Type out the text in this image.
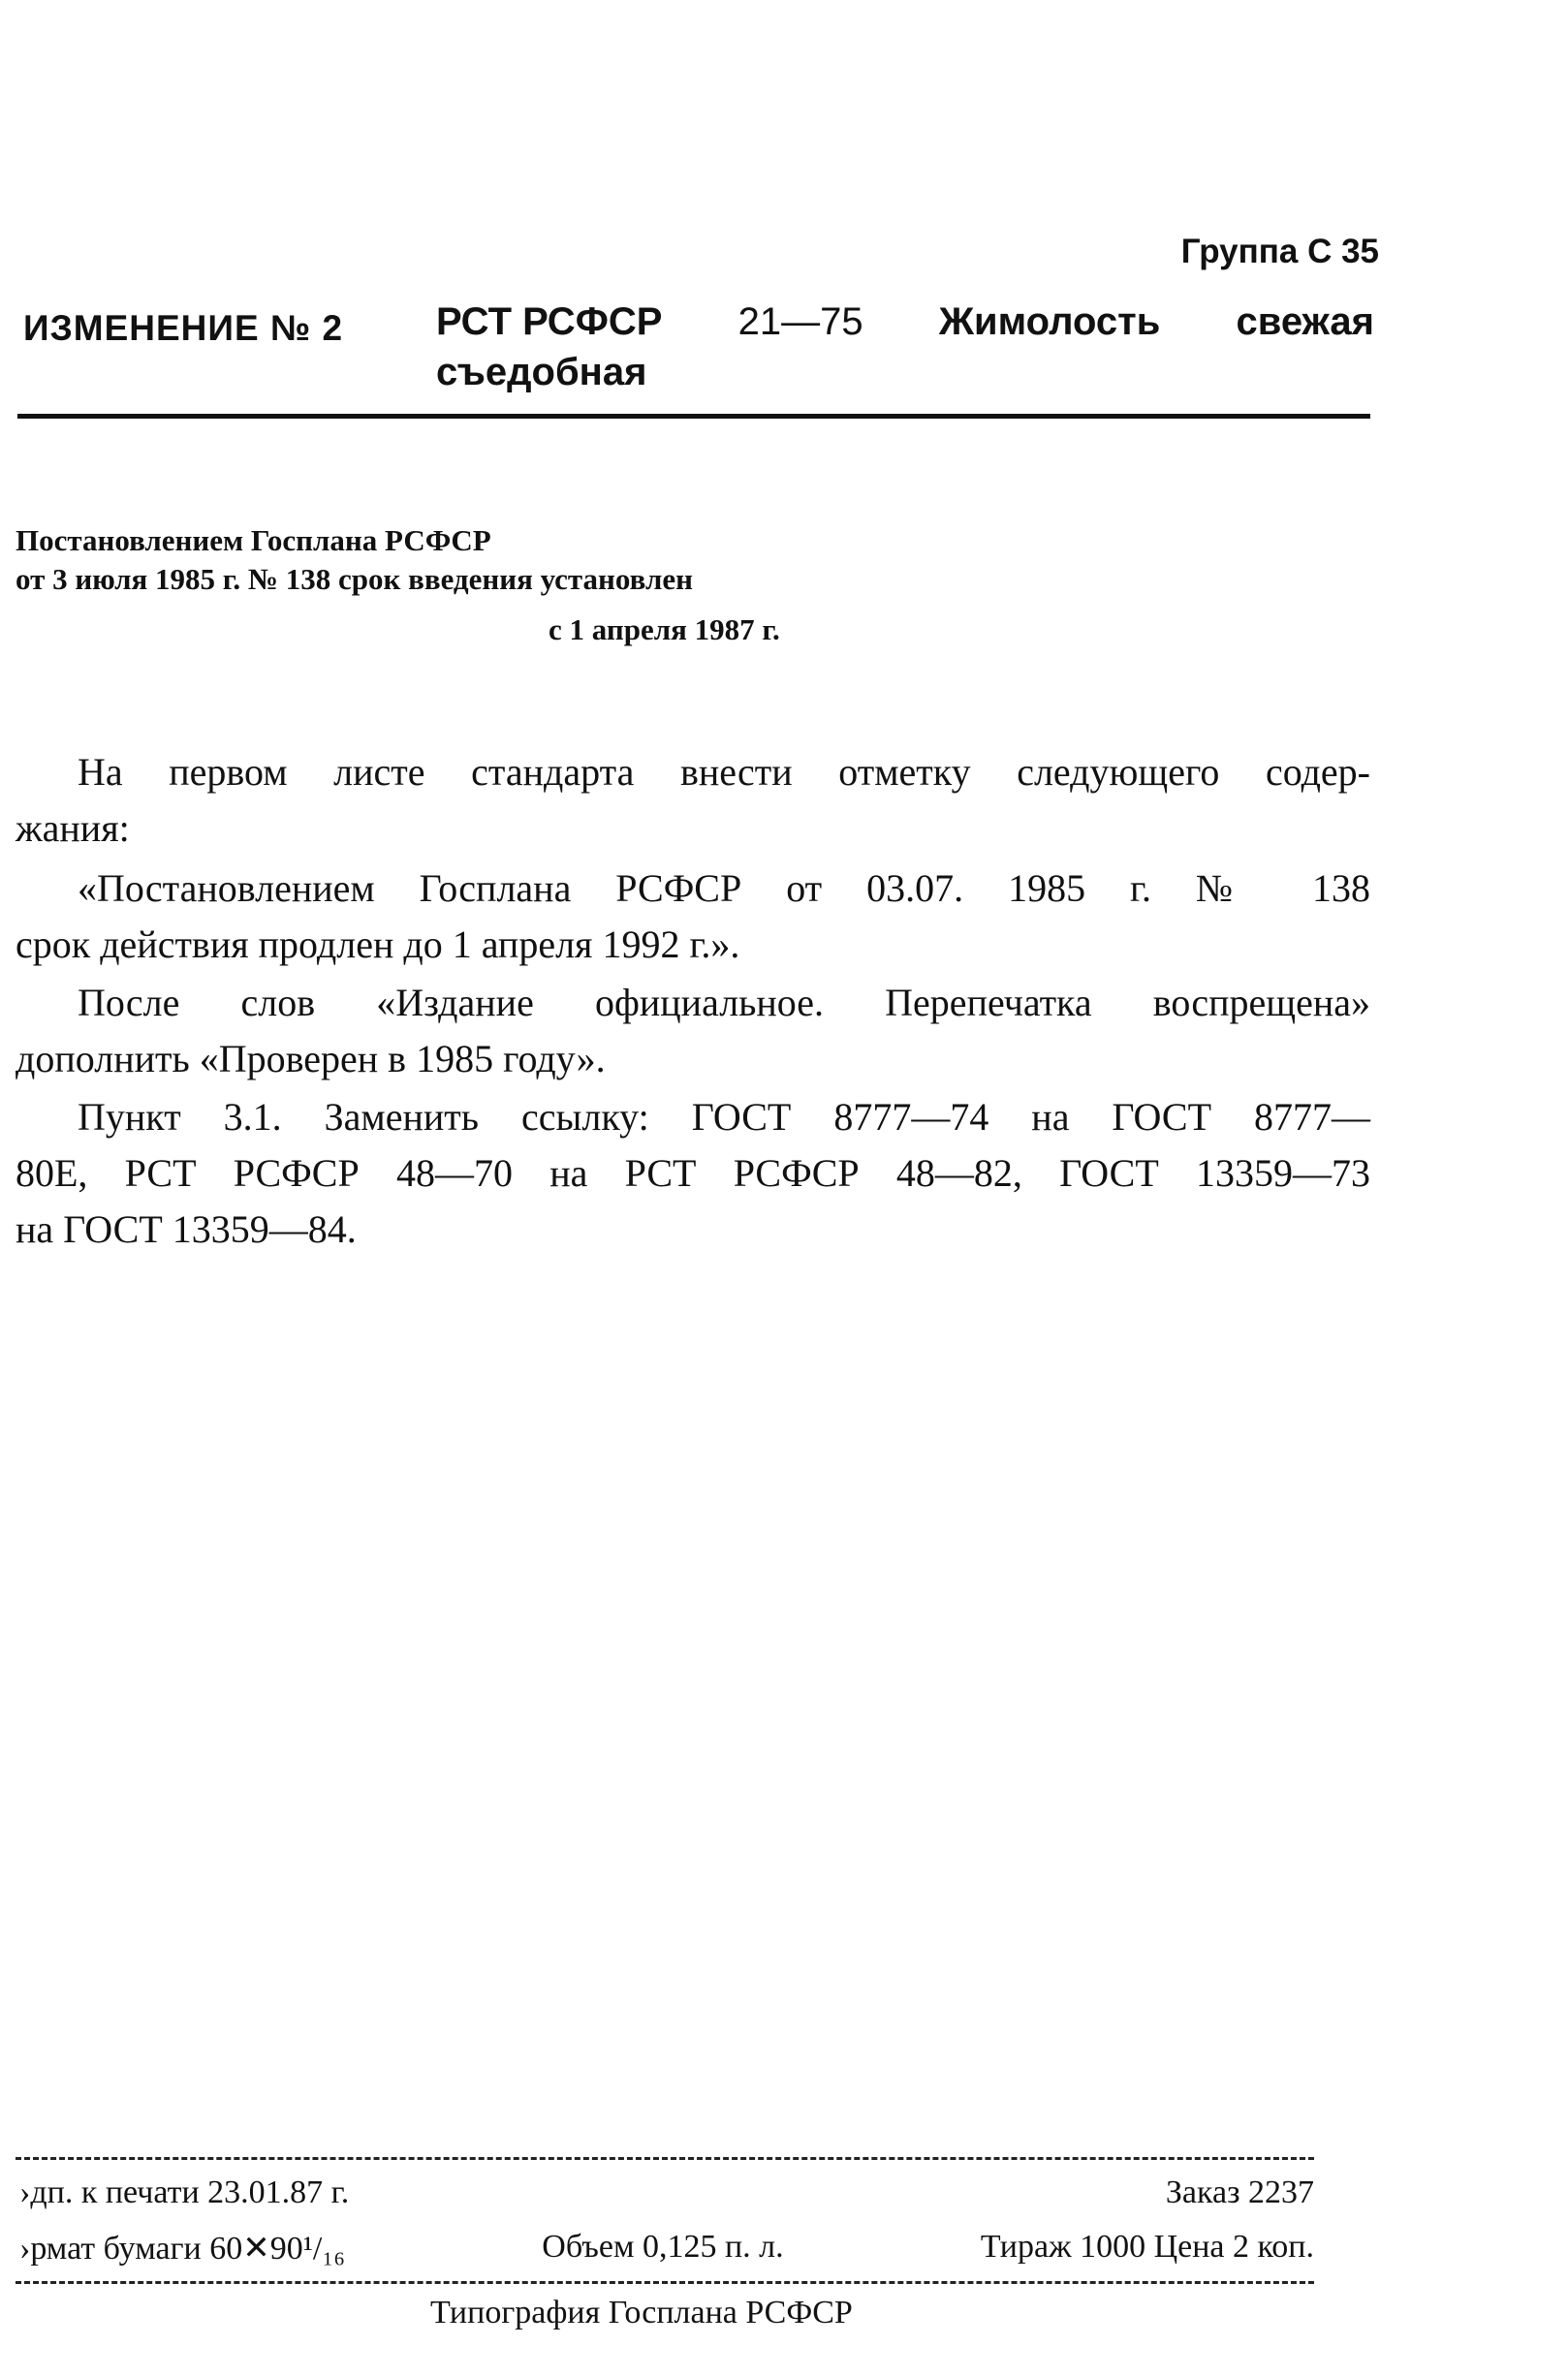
Группа С 35
ИЗМЕНЕНИЕ № 2 РСТ РСФСР 21—75 Жимолость свежая
съедобная
Постановлением Госплана РСФСР
от 3 июля 1985 г. № 138 срок введения установлен
с 1 апреля 1987 г.
На первом листе стандарта внести отметку следующего содер-
жания:
«Постановлением Госплана РСФСР от 03.07. 1985 г. № 138
срок действия продлен до 1 апреля 1992 г.».
После слов «Издание официальное. Перепечатка воспрещена»
дополнить «Проверен в 1985 году».
Пункт 3.1. Заменить ссылку: ГОСТ 8777—74 на ГОСТ 8777—
80Е, РСТ РСФСР 48—70 на РСТ РСФСР 48—82, ГОСТ 13359—73
на ГОСТ 13359—84.
›дп. к печати 23.01.87 г.	Заказ 2237
›рмат бумаги 60✕90¹/₁₆	Объем 0,125 п. л.	Тираж 1000 Цена 2 коп.
Типография Госплана РСФСР
